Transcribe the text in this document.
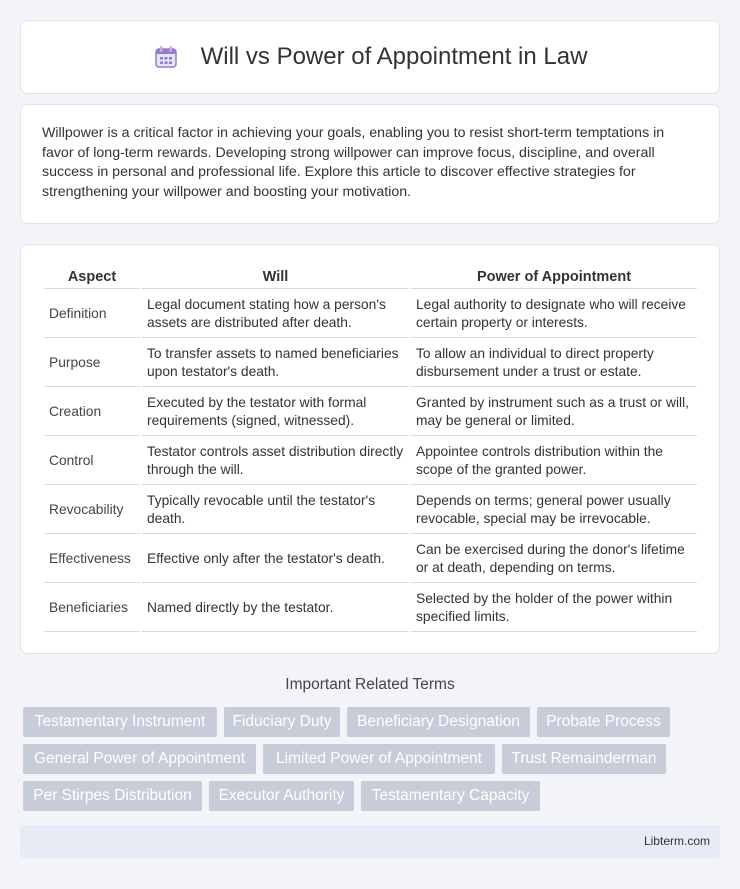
Will vs Power of Appointment in Law

Willpower is a critical factor in achieving your goals, enabling you to resist short-term temptations in favor of long-term rewards. Developing strong willpower can improve focus, discipline, and overall success in personal and professional life. Explore this article to discover effective strategies for strengthening your willpower and boosting your motivation.

Aspect	Will	Power of Appointment
Definition	Legal document stating how a person's assets are distributed after death.	Legal authority to designate who will receive certain property or interests.
Purpose	To transfer assets to named beneficiaries upon testator's death.	To allow an individual to direct property disbursement under a trust or estate.
Creation	Executed by the testator with formal requirements (signed, witnessed).	Granted by instrument such as a trust or will, may be general or limited.
Control	Testator controls asset distribution directly through the will.	Appointee controls distribution within the scope of the granted power.
Revocability	Typically revocable until the testator's death.	Depends on terms; general power usually revocable, special may be irrevocable.
Effectiveness	Effective only after the testator's death.	Can be exercised during the donor's lifetime or at death, depending on terms.
Beneficiaries	Named directly by the testator.	Selected by the holder of the power within specified limits.
Important Related Terms
Testamentary Instrument	Fiduciary Duty	Beneficiary Designation	Probate Process
General Power of Appointment	Limited Power of Appointment	Trust Remainderman
Per Stirpes Distribution	Executor Authority	Testamentary Capacity
Libterm.com
